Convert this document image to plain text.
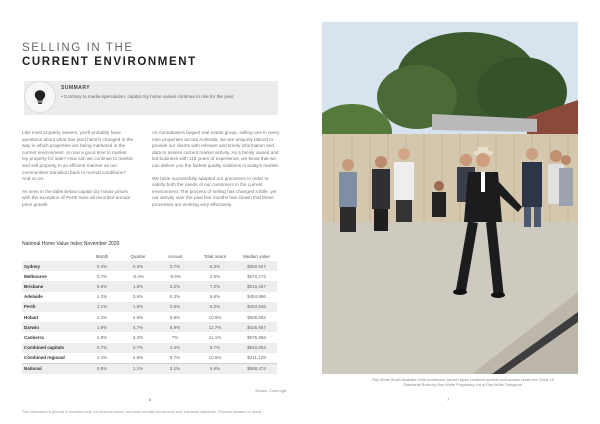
SELLING IN THE
CURRENT ENVIRONMENT
SUMMARY
• Contrary to media speculation, capital city home values continue to rise for the year.

Like most property owners, you'll probably have questions about what has (and hasn't) changed in the way in which properties are being marketed in the current environment. Is now a good time to market my property for sale? How can we continue to market and sell property in an efficient manner as our communities transition back to normal conditions? And so on.

As seen in the table below capital city house prices with the exception of Perth have all recorded annual price growth.

As Australasia's largest real estate group, selling one in every nine properties across Australia, we are uniquely placed to provide our clients with relevant and timely information and data to assess current market activity. As a family owned and led business with 118 years of experience, we know that we can deliver you the fastest quality solutions in today's market.

We have successfully adapted our processes in order to satisfy both the needs of our customers in the current environment. The process of selling has changed a little, yet our activity over the past few months has shown that these processes are working very effectively.

National Home Value Index November 2020
	Month	Quarter	Annual	Total return	Median value
Sydney	0.4%	0.3%	3.7%	6.3%	$860,947
Melbourne	0.7%	-0.4%	-0.9%	2.5%	$672,172
Brisbane	0.6%	1.5%	3.2%	7.2%	$519,267
Adelaide	1.3%	3.6%	5.3%	9.6%	$454,896
Perth	1.1%	1.9%	0.8%	5.2%	$463,846
Hobart	1.4%	2.9%	5.6%	10.9%	$505,682
Darwin	1.9%	4.7%	5.9%	11.7%	$426,857
Canberra	1.9%	3.3%	7%	11.1%	$675,866
Combined capitals	0.7%	0.7%	2.4%	5.7%	$642,863
Combined regional	1.4%	2.8%	5.7%	10.6%	$411,129
National	0.8%	1.1%	3.1%	6.6%	$568,474
Source: CoreLogic
6
This information is general in formation only, not financial advice, and does not take into account your individual objectives. Financial situation or needs.
Ray White South Australia Chief Auctioneer Jarrod Hayes conducts another sold auction under the Covid-19
Standards Rules by Ray White Proprietary Ltd of Ray White Tortuguna.
7
